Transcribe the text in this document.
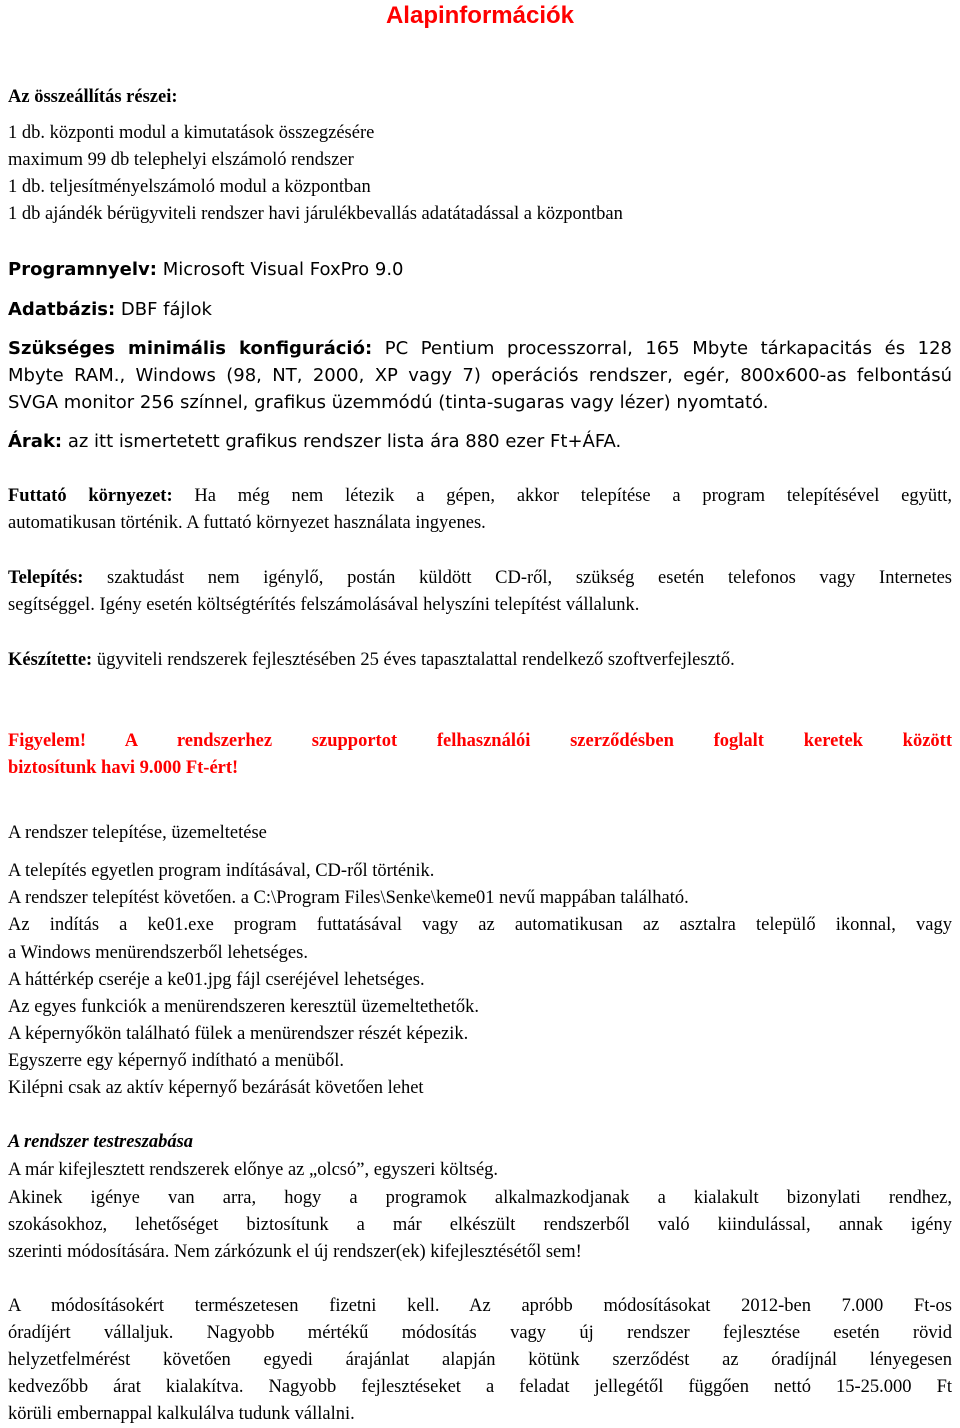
Alapinformációk

Az összeállítás részei:

1 db. központi modul a kimutatások összegzésére

maximum 99 db telephelyi elszámoló rendszer

1 db. teljesítményelszámoló modul a központban

1 db ajándék bérügyviteli rendszer havi járulékbevallás adatátadással a központban

Programnyelv: Microsoft Visual FoxPro 9.0

Adatbázis: DBF fájlok

Szükséges minimális konfiguráció: PC Pentium processzorral, 165 Mbyte tárkapacitás és 128

Mbyte RAM., Windows (98, NT, 2000, XP vagy 7) operációs rendszer, egér, 800x600-as felbontású

SVGA monitor 256 színnel, grafikus üzemmódú (tinta-sugaras vagy lézer) nyomtató.

Árak: az itt ismertetett grafikus rendszer lista ára 880 ezer Ft+ÁFA.

Futtató környezet: Ha még nem létezik a gépen, akkor telepítése a program telepítésével együtt,

automatikusan történik. A futtató környezet használata ingyenes.

Telepítés: szaktudást nem igénylő, postán küldött CD-ről, szükség esetén telefonos vagy Internetes

segítséggel. Igény esetén költségtérítés felszámolásával helyszíni telepítést vállalunk.

Készítette: ügyviteli rendszerek fejlesztésében 25 éves tapasztalattal rendelkező szoftverfejlesztő.

Figyelem! A rendszerhez szupportot felhasználói szerződésben foglalt keretek között

biztosítunk havi 9.000 Ft-ért!

A rendszer telepítése, üzemeltetése

A telepítés egyetlen program indításával, CD-ről történik.

A rendszer telepítést követően. a C:\Program Files\Senke\keme01 nevű mappában található.

Az indítás a ke01.exe program futtatásával vagy az automatikusan az asztalra települő ikonnal, vagy

a Windows menürendszerből lehetséges.

A háttérkép cseréje a ke01.jpg fájl cseréjével lehetséges.

Az egyes funkciók a menürendszeren keresztül üzemeltethetők.

A képernyőkön található fülek a menürendszer részét képezik.

Egyszerre egy képernyő indítható a menüből.

Kilépni csak az aktív képernyő bezárását követően lehet

A rendszer testreszabása

A már kifejlesztett rendszerek előnye az „olcsó”, egyszeri költség.

Akinek igénye van arra, hogy a programok alkalmazkodjanak a kialakult bizonylati rendhez,

szokásokhoz, lehetőséget biztosítunk a már elkészült rendszerből való kiindulással, annak igény

szerinti módosítására. Nem zárkózunk el új rendszer(ek) kifejlesztésétől sem!

A módosításokért természetesen fizetni kell. Az apróbb módosításokat 2012-ben 7.000 Ft-os

óradíjért vállaljuk. Nagyobb mértékű módosítás vagy új rendszer fejlesztése esetén rövid

helyzetfelmérést követően egyedi árajánlat alapján kötünk szerződést az óradíjnál lényegesen

kedvezőbb árat kialakítva. Nagyobb fejlesztéseket a feladat jellegétől függően nettó 15-25.000 Ft

körüli embernappal kalkulálva tudunk vállalni.
